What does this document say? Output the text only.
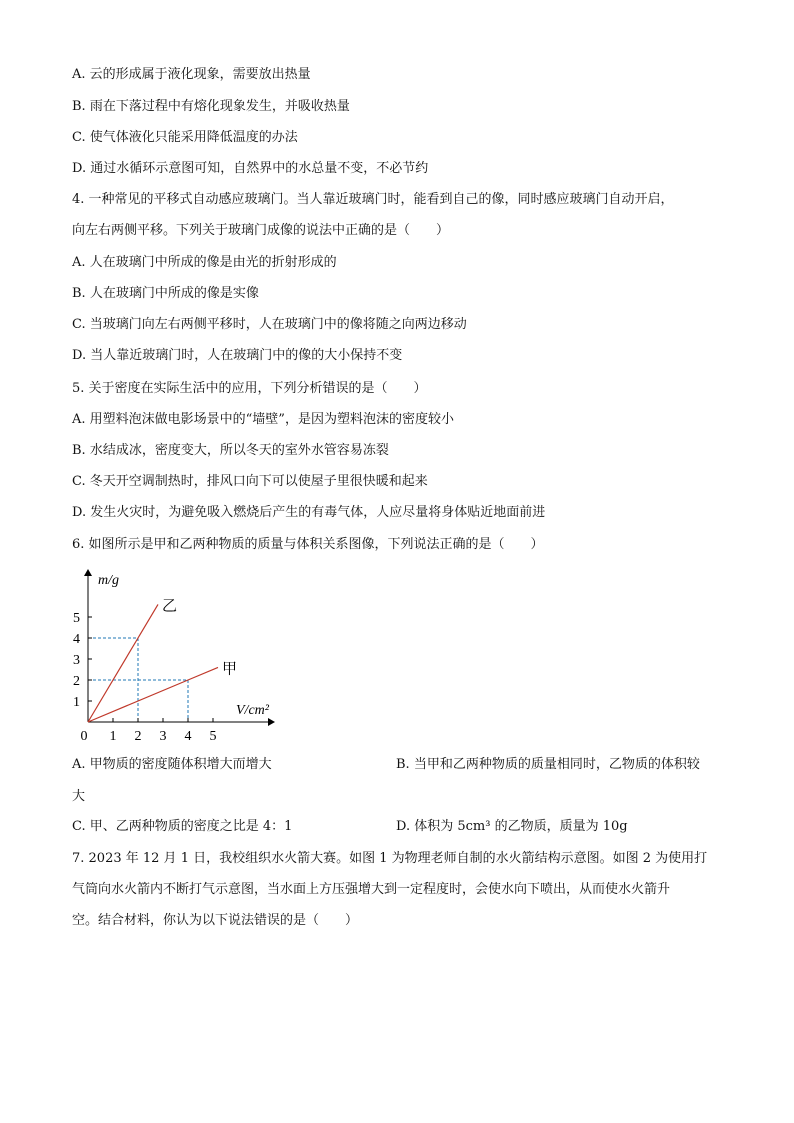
A. 云的形成属于液化现象，需要放出热量
B. 雨在下落过程中有熔化现象发生，并吸收热量
C. 使气体液化只能采用降低温度的办法
D. 通过水循环示意图可知，自然界中的水总量不变，不必节约
4. 一种常见的平移式自动感应玻璃门。当人靠近玻璃门时，能看到自己的像，同时感应玻璃门自动开启，
向左右两侧平移。下列关于玻璃门成像的说法中正确的是（　　）
A. 人在玻璃门中所成的像是由光的折射形成的
B. 人在玻璃门中所成的像是实像
C. 当玻璃门向左右两侧平移时，人在玻璃门中的像将随之向两边移动
D. 当人靠近玻璃门时，人在玻璃门中的像的大小保持不变
5. 关于密度在实际生活中的应用，下列分析错误的是（　　）
A. 用塑料泡沫做电影场景中的“墙壁”，是因为塑料泡沫的密度较小
B. 水结成冰，密度变大，所以冬天的室外水管容易冻裂
C. 冬天开空调制热时，排风口向下可以使屋子里很快暖和起来
D. 发生火灾时，为避免吸入燃烧后产生的有毒气体，人应尽量将身体贴近地面前进
6. 如图所示是甲和乙两种物质的质量与体积关系图像，下列说法正确的是（　　）
1 2 3 4 5
1
2
3
4
5
乙
甲
m/g
V/cm²
0
A. 甲物质的密度随体积增大而增大	B. 当甲和乙两种物质的质量相同时，乙物质的体积较
大
C. 甲、乙两种物质的密度之比是 4：1	D. 体积为 5cm³ 的乙物质，质量为 10g
7. 2023 年 12 月 1 日，我校组织水火箭大赛。如图 1 为物理老师自制的水火箭结构示意图。如图 2 为使用打
气筒向水火箭内不断打气示意图，当水面上方压强增大到一定程度时，会使水向下喷出，从而使水火箭升
空。结合材料，你认为以下说法错误的是（　　）
